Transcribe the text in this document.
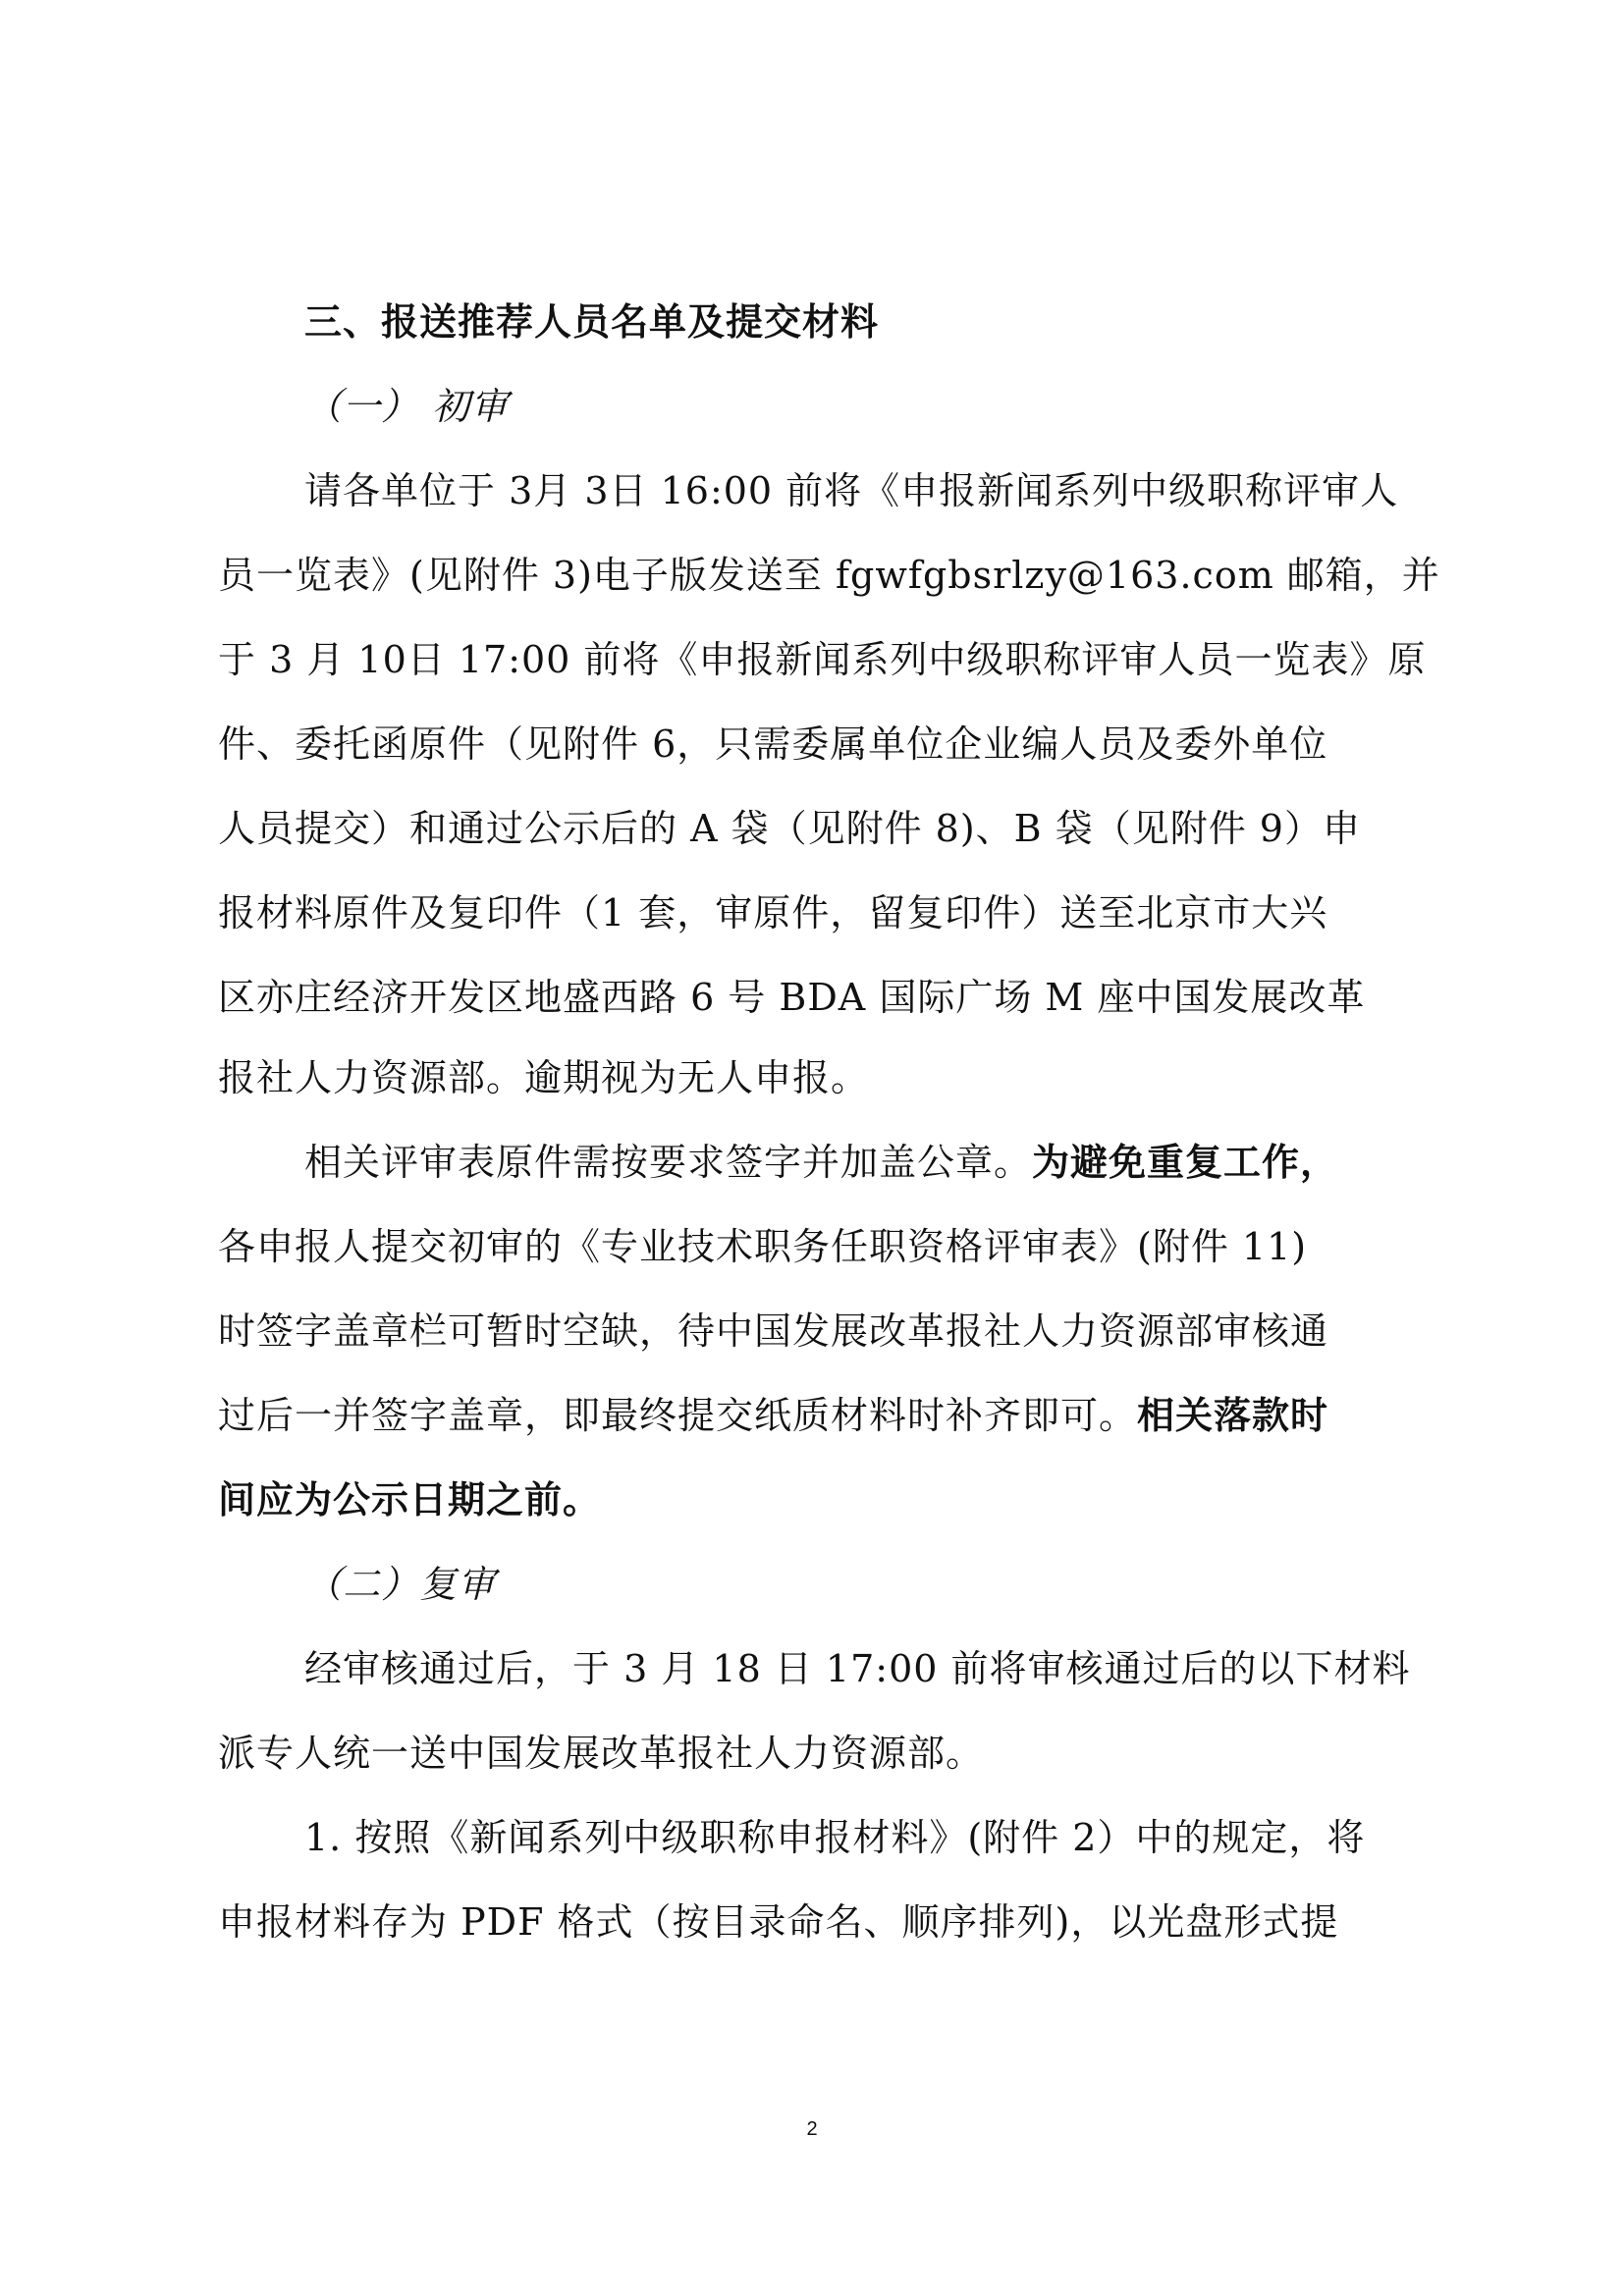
三、报送推荐人员名单及提交材料
（一） 初审
请各单位于 3月 3日 16:00 前将《申报新闻系列中级职称评审人
员一览表》(见附件 3)电子版发送至 fgwfgbsrlzy@163.com 邮箱，并
于 3 月 10日 17:00 前将《申报新闻系列中级职称评审人员一览表》原
件、委托函原件（见附件 6，只需委属单位企业编人员及委外单位
人员提交）和通过公示后的 A 袋（见附件 8)、B 袋（见附件 9）申
报材料原件及复印件（1 套，审原件，留复印件）送至北京市大兴
区亦庄经济开发区地盛西路 6 号 BDA 国际广场 M 座中国发展改革
报社人力资源部。逾期视为无人申报。
相关评审表原件需按要求签字并加盖公章。为避免重复工作，
各申报人提交初审的《专业技术职务任职资格评审表》(附件 11)
时签字盖章栏可暂时空缺，待中国发展改革报社人力资源部审核通
过后一并签字盖章，即最终提交纸质材料时补齐即可。相关落款时
间应为公示日期之前。
（二）复审
经审核通过后，于 3 月 18 日 17:00 前将审核通过后的以下材料
派专人统一送中国发展改革报社人力资源部。
1. 按照《新闻系列中级职称申报材料》(附件 2）中的规定，将
申报材料存为 PDF 格式（按目录命名、顺序排列)，以光盘形式提
2
